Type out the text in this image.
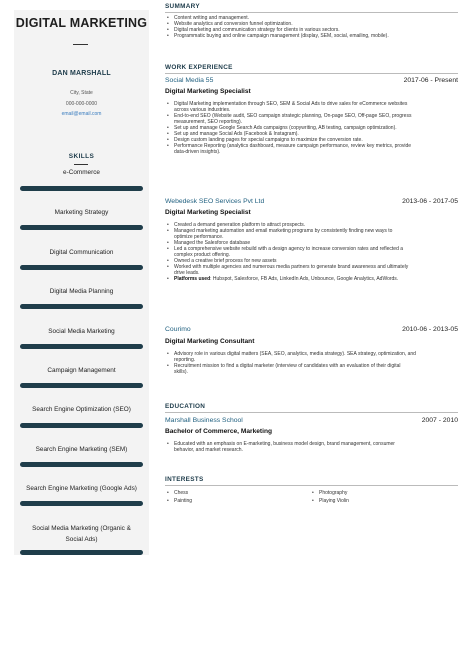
DIGITAL MARKETING
DAN MARSHALL
City, State
000-000-0000
email@email.com
SKILLS
e-Commerce
Marketing Strategy
Digital Communication
Digital Media Planning
Social Media Marketing
Campaign Management
Search Engine Optimization (SEO)
Search Engine Marketing (SEM)
Search Engine Marketing (Google Ads)
Social Media Marketing (Organic &
Social Ads)
SUMMARY
• Content writing and management.
• Website analytics and conversion funnel optimization.
• Digital marketing and communication strategy for clients in various sectors.
• Programmatic buying and online campaign management (display, SEM, social, emailing, mobile).
WORK EXPERIENCE
Social Media 55	2017-06 - Present
Digital Marketing Specialist
• Digital Marketing implementation through SEO, SEM & Social Ads to drive sales for eCommerce websites
across various industries.
• End-to-end SEO (Website audit, SEO campaign strategic planning, On-page SEO, Off-page SEO, progress
measurement, SEO reporting).
• Set up and manage Google Search Ads campaigns (copywriting, AB testing, campaign optimization).
• Set up and manage Social Ads (Facebook & Instagram).
• Design custom landing pages for special campaigns to maximize the conversion rate.
• Performance Reporting (analytics dashboard, measure campaign performance, review key metrics, provide
data-driven insights).
Webedesk SEO Services Pvt Ltd	2013-06 - 2017-05
Digital Marketing Specialist
• Created a demand generation platform to attract prospects.
• Managed marketing automation and email marketing programs by consistently finding new ways to
optimize performance.
• Managed the Salesforce database
• Led a comprehensive website rebuild with a design agency to increase conversion rates and reflected a
complex product offering.
• Owned a creative brief process for new assets
• Worked with multiple agencies and numerous media partners to generate brand awareness and ultimately
drive leads.
• Platforms used: Hubspot, Salesforce, FB Ads, LinkedIn Ads, Unbounce, Google Analytics, AdWords.
Courimo	2010-06 - 2013-05
Digital Marketing Consultant
• Advisory role in various digital matters (SEA, SEO, analytics, media strategy). SEA strategy, optimization, and
reporting.
• Recruitment mission to find a digital marketer (interview of candidates with an evaluation of their digital
skills).
EDUCATION
Marshall Business School	2007 - 2010
Bachelor of Commerce, Marketing
• Educated with an emphasis on E-marketing, business model design, brand management, consumer
behavior, and market research.
INTERESTS
• Chess
• Painting
• Photography
• Playing Violin
